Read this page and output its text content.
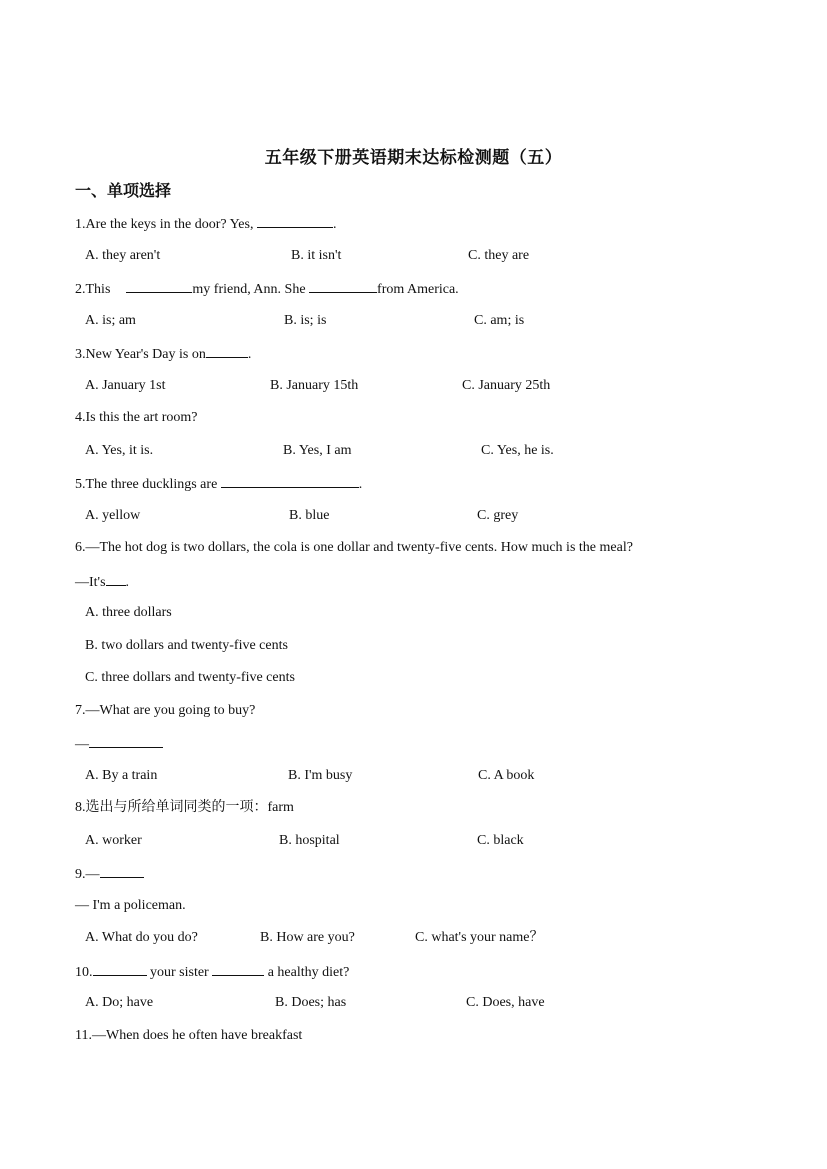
五年级下册英语期末达标检测题（五）
一、单项选择
1.Are the keys in the door? Yes,	.
A. they aren't	B. it isn't	C. they are
2.This	my friend, Ann. She	from America.
A. is; am	B. is; is	C. am; is
3.New Year's Day is on	.
A. January 1st	B. January 15th	C. January 25th
4.Is this the art room?
A. Yes, it is.	B. Yes, I am	C. Yes, he is.
5.The three ducklings are	.
A. yellow	B. blue	C. grey
6.—The hot dog is two dollars, the cola is one dollar and twenty-five cents. How much is the meal?
—It's .
A. three dollars
B. two dollars and twenty-five cents
C. three dollars and twenty-five cents
7.—What are you going to buy?
—
A. By a train	B. I'm busy	C. A book
8.选出与所给单词同类的一项：farm
A. worker	B. hospital	C. black
9.—
— I'm a policeman.
A. What do you do?	B. How are you?	C. what's your name？
10.	your sister	a healthy diet?
A. Do; have	B. Does; has	C. Does, have
11.—When does he often have breakfast
